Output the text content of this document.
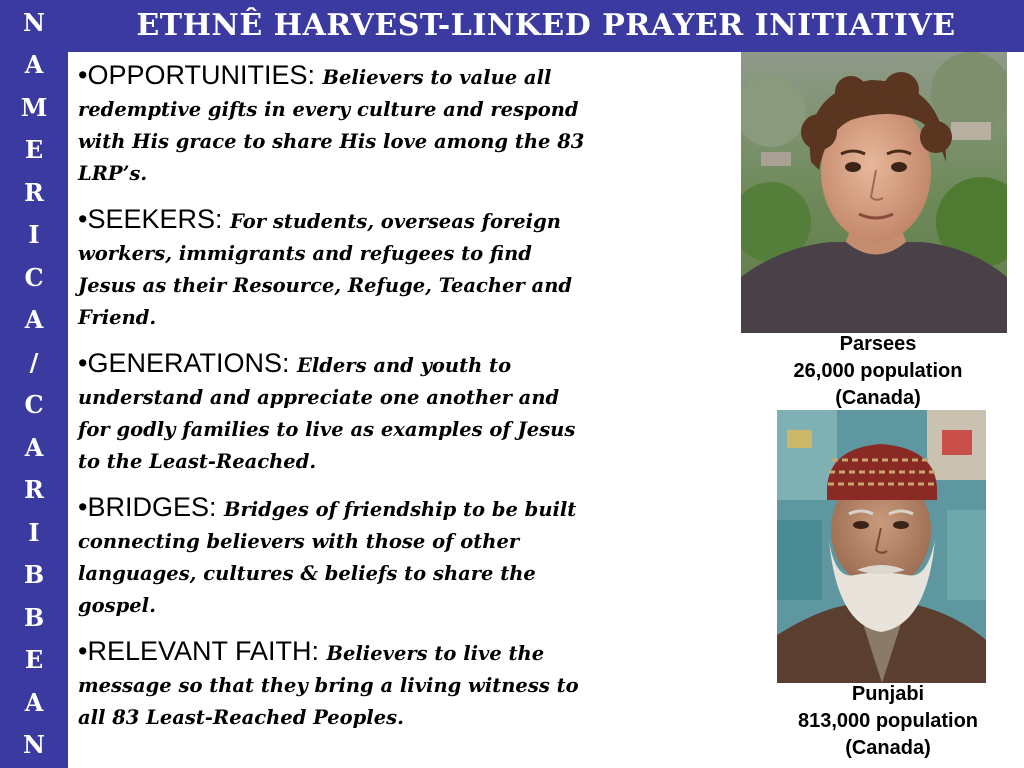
N
A
M
E
R
I
C
A
/
C
A
R
I
B
B
E
A
N
ETHNÊ HARVEST-LINKED PRAYER INITIATIVE

•OPPORTUNITIES: Believers to value all redemptive gifts in every culture and respond with His grace to share His love among the 83 LRP’s.

•SEEKERS: For students, overseas foreign workers, immigrants and refugees to find Jesus as their Resource, Refuge, Teacher and Friend.

•GENERATIONS: Elders and youth to understand and appreciate one another and for godly families to live as examples of Jesus to the Least-Reached.

•BRIDGES: Bridges of friendship to be built connecting believers with those of other languages, cultures & beliefs to share the gospel.

•RELEVANT FAITH: Believers to live the message so that they bring a living witness to all 83 Least-Reached Peoples.

Parsees
26,000 population
(Canada)
Punjabi
813,000 population
(Canada)
